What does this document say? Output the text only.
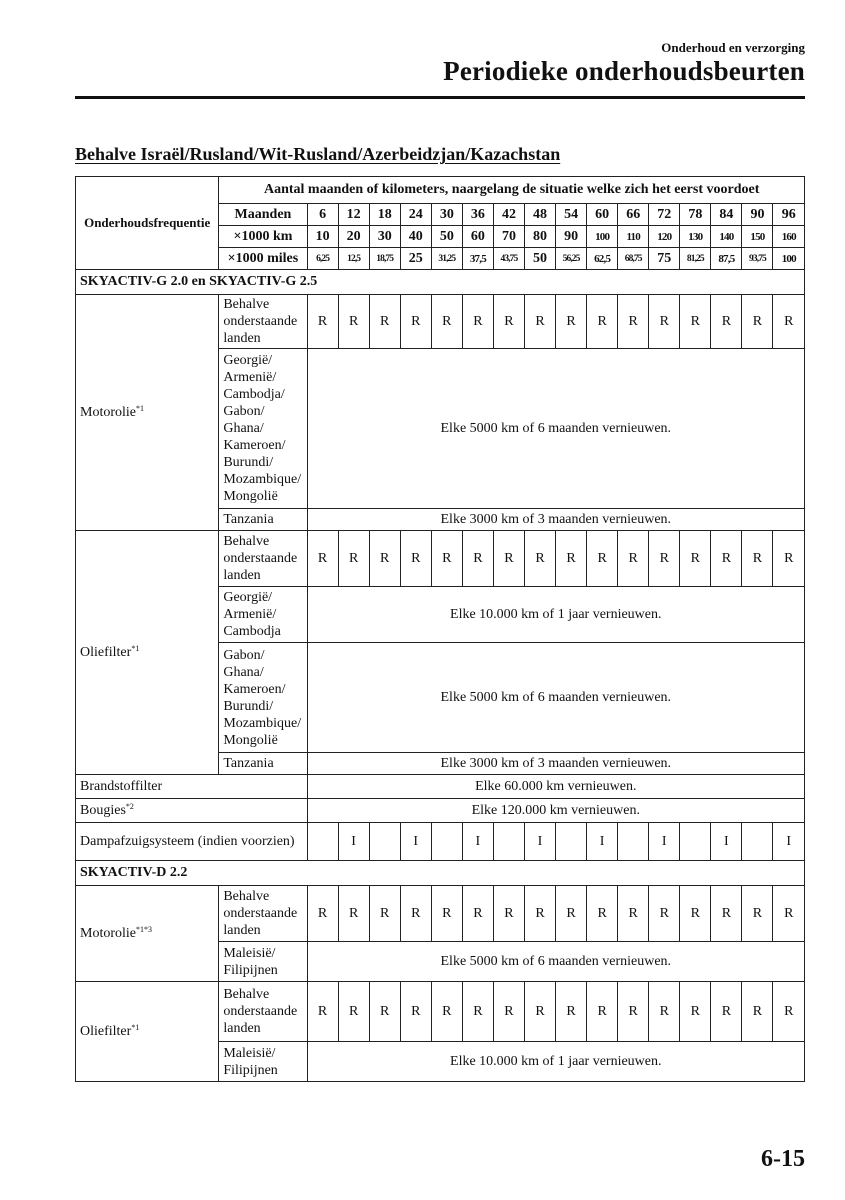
Onderhoud en verzorging
Periodieke onderhoudsbeurten
Behalve Israël/Rusland/Wit-Rusland/Azerbeidzjan/Kazachstan
Onderhoudsfrequentie	Aantal maanden of kilometers, naargelang de situatie welke zich het eerst voordoet																
	Maanden	6	12	18	24	30	36	42	48	54	60	66	72	78	84	90	96
	×1000 km	10	20	30	40	50	60	70	80	90	100	110	120	130	140	150	160
	×1000 miles	6,25	12,5	18,75	25	31,25	37,5	43,75	50	56,25	62,5	68,75	75	81,25	87,5	93,75	100
SKYACTIV-G 2.0 en SKYACTIV-G 2.5																	
Motorolie$^{*1}$	Behalve onderstaande landen	R	R	R	R	R	R	R	R	R	R	R	R	R	R	R	R
	Georgië/ Armenië/ Cambodja/ Gabon/ Ghana/ Kameroen/ Burundi/ Mozambique/ Mongolië	Elke 5000 km of 6 maanden vernieuwen.															
	Tanzania	Elke 3000 km of 3 maanden vernieuwen.															
Oliefilter$^{*1}$	Behalve onderstaande landen	R	R	R	R	R	R	R	R	R	R	R	R	R	R	R	R
	Georgië/ Armenië/ Cambodja	Elke 10.000 km of 1 jaar vernieuwen.															
	Gabon/ Ghana/ Kameroen/ Burundi/ Mozambique/ Mongolië	Elke 5000 km of 6 maanden vernieuwen.															
	Tanzania	Elke 3000 km of 3 maanden vernieuwen.															
Brandstoffilter		Elke 60.000 km vernieuwen.															
Bougies$^{*2}$		Elke 120.000 km vernieuwen.															
Dampafzuigsysteem (indien voorzien)			I		I		I		I		I		I		I		I
SKYACTIV-D 2.2																	
Motorolie$^{*1*3}$	Behalve onderstaande landen	R	R	R	R	R	R	R	R	R	R	R	R	R	R	R	R
	Maleisië/ Filipijnen	Elke 5000 km of 6 maanden vernieuwen.															
Oliefilter$^{*1}$	Behalve onderstaande landen	R	R	R	R	R	R	R	R	R	R	R	R	R	R	R	R
	Maleisië/ Filipijnen	Elke 10.000 km of 1 jaar vernieuwen.															
6-15
